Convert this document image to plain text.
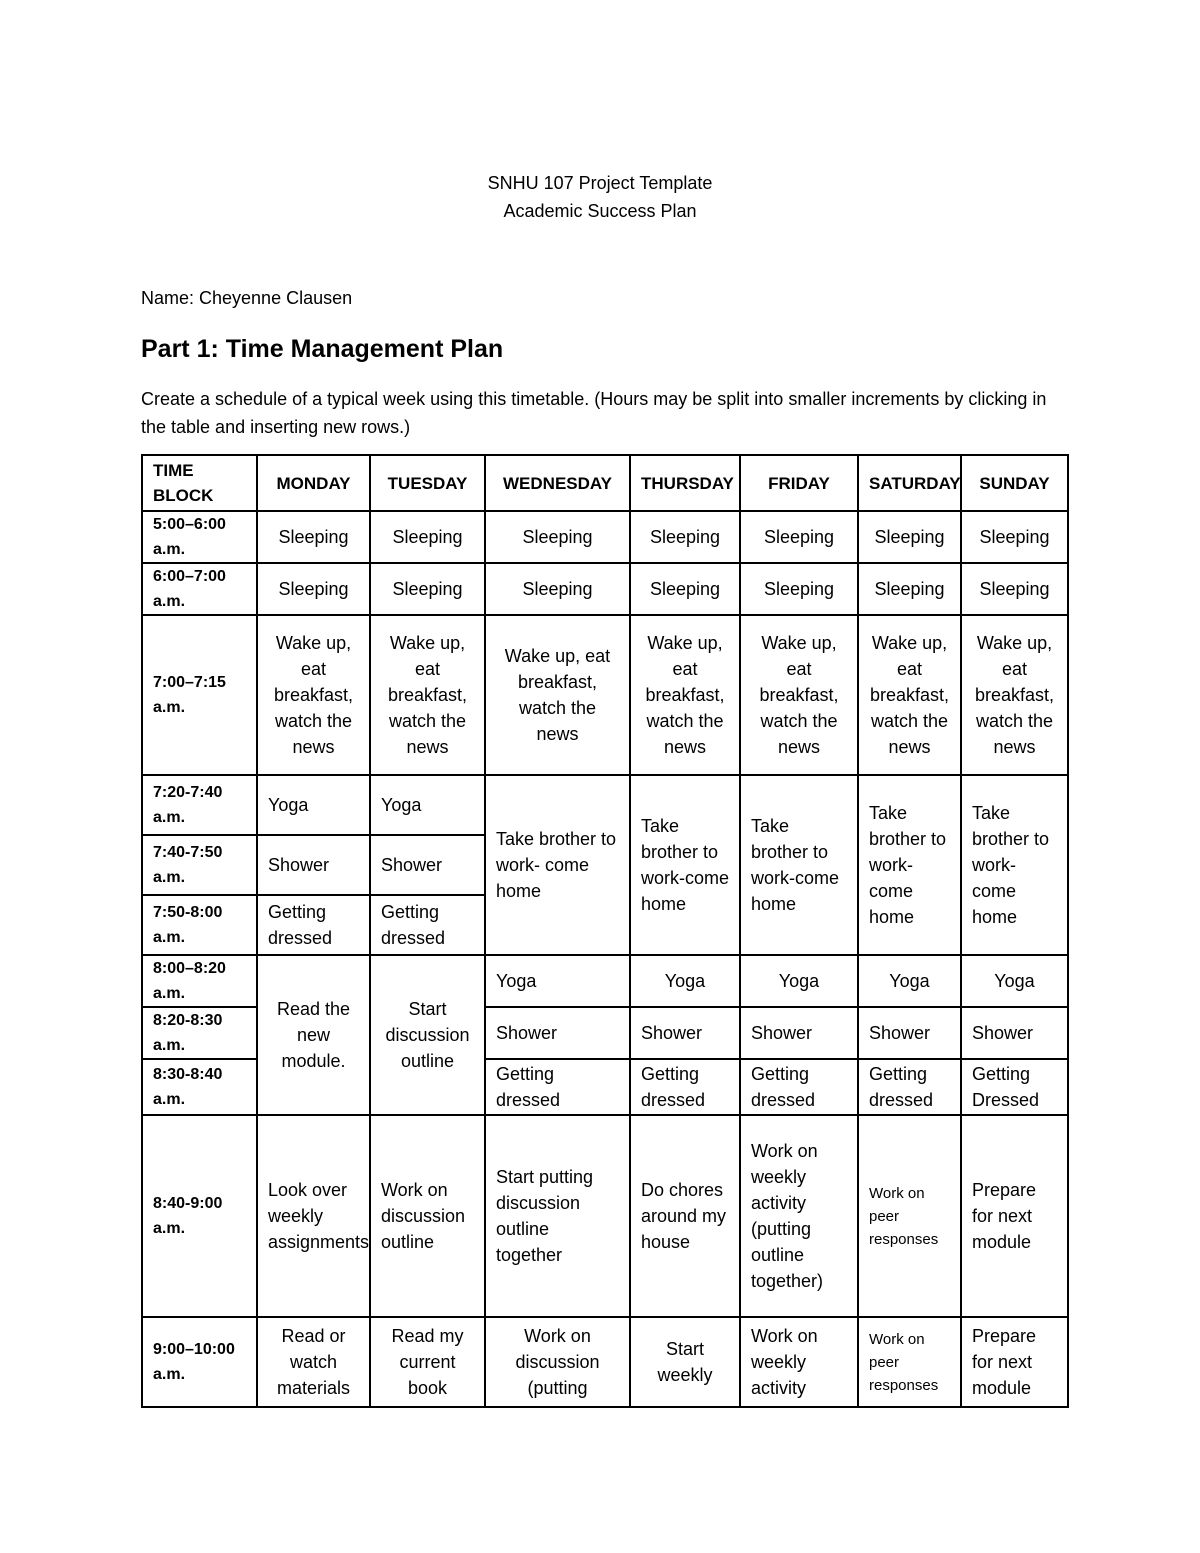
SNHU 107 Project Template
Academic Success Plan
Name: Cheyenne Clausen
Part 1: Time Management Plan
Create a schedule of a typical week using this timetable. (Hours may be split into smaller increments by clicking in the table and inserting new rows.)
TIME BLOCK	MONDAY	TUESDAY	WEDNESDAY	THURSDAY	FRIDAY	SATURDAY	SUNDAY
5:00–6:00 a.m.	Sleeping	Sleeping	Sleeping	Sleeping	Sleeping	Sleeping	Sleeping
6:00–7:00 a.m.	Sleeping	Sleeping	Sleeping	Sleeping	Sleeping	Sleeping	Sleeping
7:00–7:15 a.m.	Wake up, eat breakfast, watch the news	Wake up, eat breakfast, watch the news	Wake up, eat breakfast, watch the news	Wake up, eat breakfast, watch the news	Wake up, eat breakfast, watch the news	Wake up, eat breakfast, watch the news	Wake up, eat breakfast, watch the news
7:20-7:40 a.m.	Yoga	Yoga	Take brother to work- come home	Take brother to work-come home	Take brother to work-come home	Take brother to work-come home	Take brother to work-come home
7:40-7:50 a.m.	Shower	Shower					
7:50-8:00 a.m.	Getting dressed	Getting dressed					
8:00–8:20 a.m.	Read the new module.	Start discussion outline	Yoga	Yoga	Yoga	Yoga	Yoga
8:20-8:30 a.m.			Shower	Shower	Shower	Shower	Shower
8:30-8:40 a.m.			Getting dressed	Getting dressed	Getting dressed	Getting dressed	Getting Dressed
8:40-9:00 a.m.	Look over weekly assignments	Work on discussion outline	Start putting discussion outline together	Do chores around my house	Work on weekly activity (putting outline together)	Work on peer responses	Prepare for next module
9:00–10:00 a.m.	Read or watch materials	Read my current book	Work on discussion (putting	Start weekly	Work on weekly activity	Work on peer responses	Prepare for next module
